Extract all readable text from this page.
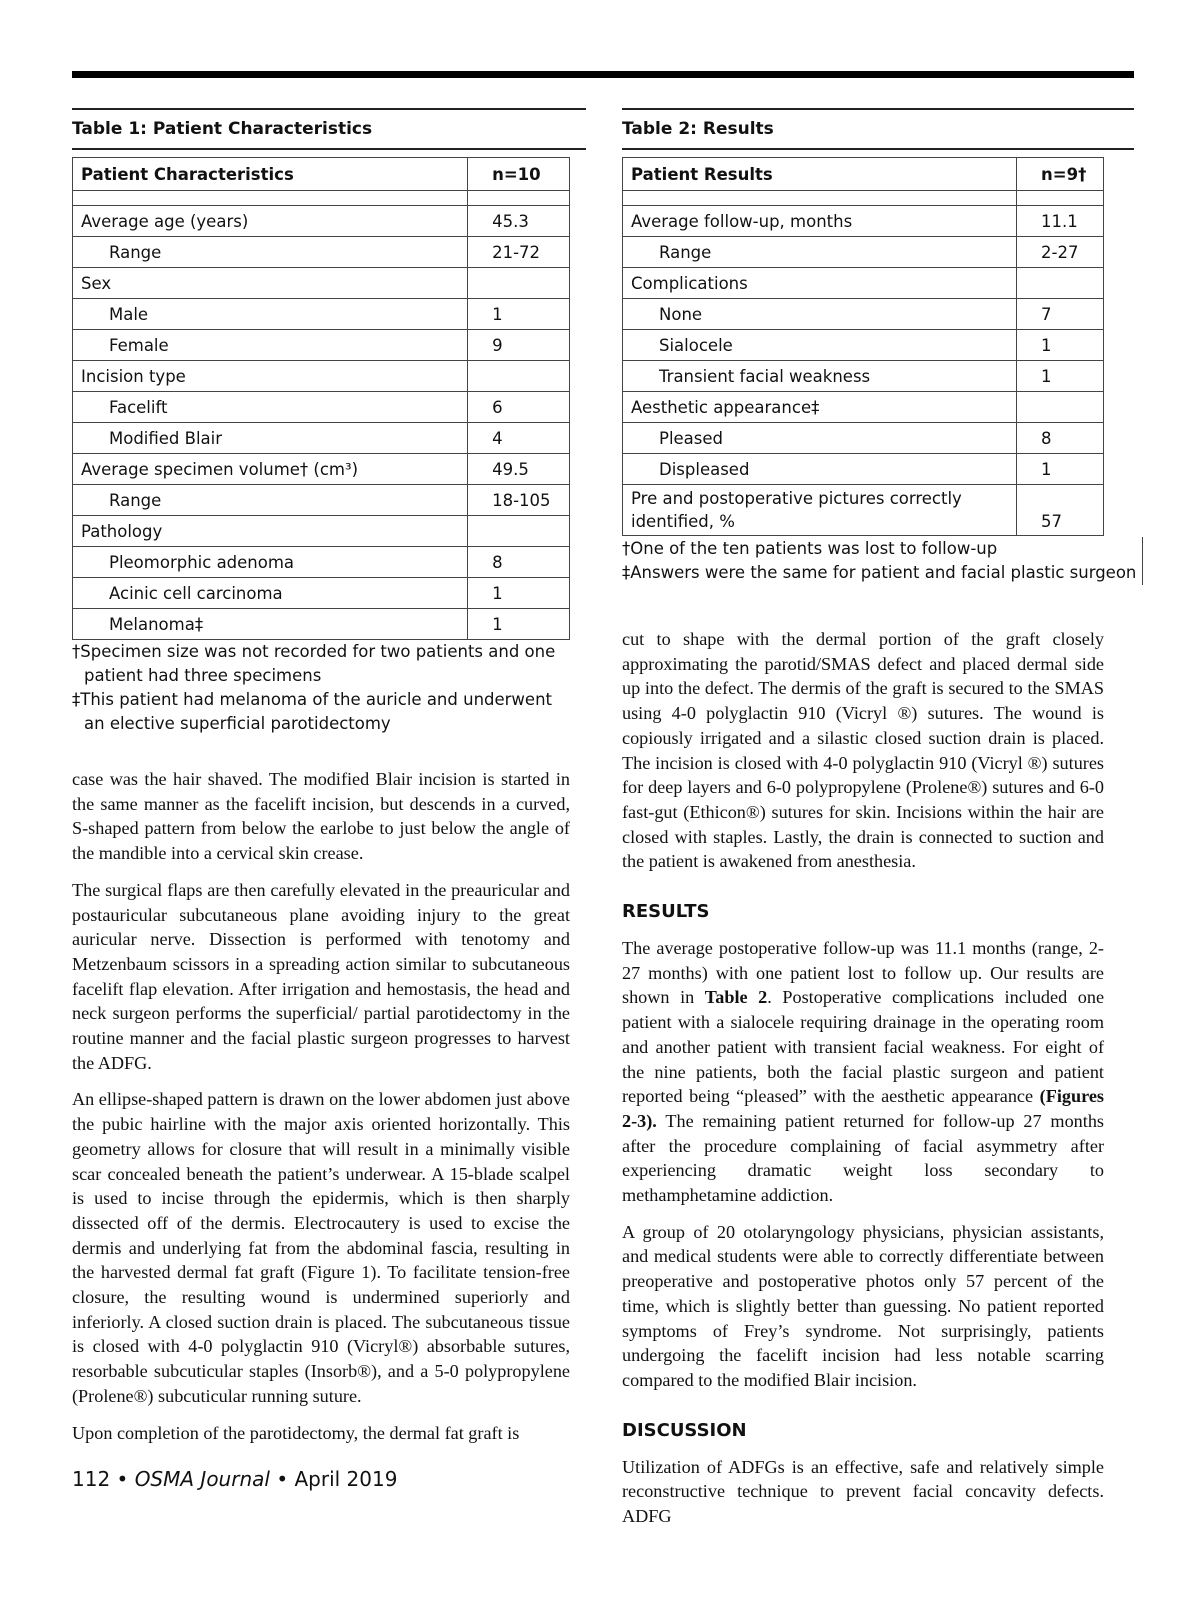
Table 1: Patient Characteristics
Patient Characteristics	n=10

Average age (years)	45.3
Range	21-72
Sex	
Male	1
Female	9
Incision type	
Facelift	6
Modified Blair	4
Average specimen volume† (cm³)	49.5
Range	18-105
Pathology	
Pleomorphic adenoma	8
Acinic cell carcinoma	1
Melanoma‡	1

†Specimen size was not recorded for two patients and one patient had three specimens

‡This patient had melanoma of the auricle and underwent an elective superficial parotidectomy

case was the hair shaved. The modified Blair incision is started in the same manner as the facelift incision, but descends in a curved, S-shaped pattern from below the earlobe to just below the angle of the mandible into a cervical skin crease.

The surgical flaps are then carefully elevated in the preauricular and postauricular subcutaneous plane avoiding injury to the great auricular nerve. Dissection is performed with tenotomy and Metzenbaum scissors in a spreading action similar to subcutaneous facelift flap elevation. After irrigation and hemostasis, the head and neck surgeon performs the superficial/ partial parotidectomy in the routine manner and the facial plastic surgeon progresses to harvest the ADFG.

An ellipse-shaped pattern is drawn on the lower abdomen just above the pubic hairline with the major axis oriented horizontally. This geometry allows for closure that will result in a minimally visible scar concealed beneath the patient’s underwear. A 15-blade scalpel is used to incise through the epidermis, which is then sharply dissected off of the dermis. Electrocautery is used to excise the dermis and underlying fat from the abdominal fascia, resulting in the harvested dermal fat graft (Figure 1). To facilitate tension-free closure, the resulting wound is undermined superiorly and inferiorly. A closed suction drain is placed. The subcutaneous tissue is closed with 4-0 polyglactin 910 (Vicryl®) absorbable sutures, resorbable subcuticular staples (Insorb®), and a 5-0 polypropylene (Prolene®) subcuticular running suture.

Upon completion of the parotidectomy, the dermal fat graft is

Table 2: Results
Patient Results	n=9†

Average follow-up, months	11.1
Range	2-27
Complications	
None	7
Sialocele	1
Transient facial weakness	1
Aesthetic appearance‡	
Pleased	8
Displeased	1
Pre and postoperative pictures correctly identified, %	57

†One of the ten patients was lost to follow-up

‡Answers were the same for patient and facial plastic surgeon

cut to shape with the dermal portion of the graft closely approximating the parotid/SMAS defect and placed dermal side up into the defect. The dermis of the graft is secured to the SMAS using 4-0 polyglactin 910 (Vicryl ®) sutures. The wound is copiously irrigated and a silastic closed suction drain is placed. The incision is closed with 4-0 polyglactin 910 (Vicryl ®) sutures for deep layers and 6-0 polypropylene (Prolene®) sutures and 6-0 fast-gut (Ethicon®) sutures for skin. Incisions within the hair are closed with staples. Lastly, the drain is connected to suction and the patient is awakened from anesthesia.

RESULTS

The average postoperative follow-up was 11.1 months (range, 2-27 months) with one patient lost to follow up. Our results are shown in Table 2. Postoperative complications included one patient with a sialocele requiring drainage in the operating room and another patient with transient facial weakness. For eight of the nine patients, both the facial plastic surgeon and patient reported being “pleased” with the aesthetic appearance (Figures 2-3). The remaining patient returned for follow-up 27 months after the procedure complaining of facial asymmetry after experiencing dramatic weight loss secondary to methamphetamine addiction.

A group of 20 otolaryngology physicians, physician assistants, and medical students were able to correctly differentiate between preoperative and postoperative photos only 57 percent of the time, which is slightly better than guessing. No patient reported symptoms of Frey’s syndrome. Not surprisingly, patients undergoing the facelift incision had less notable scarring compared to the modified Blair incision.

DISCUSSION

Utilization of ADFGs is an effective, safe and relatively simple reconstructive technique to prevent facial concavity defects. ADFG

112 • OSMA Journal • April 2019
